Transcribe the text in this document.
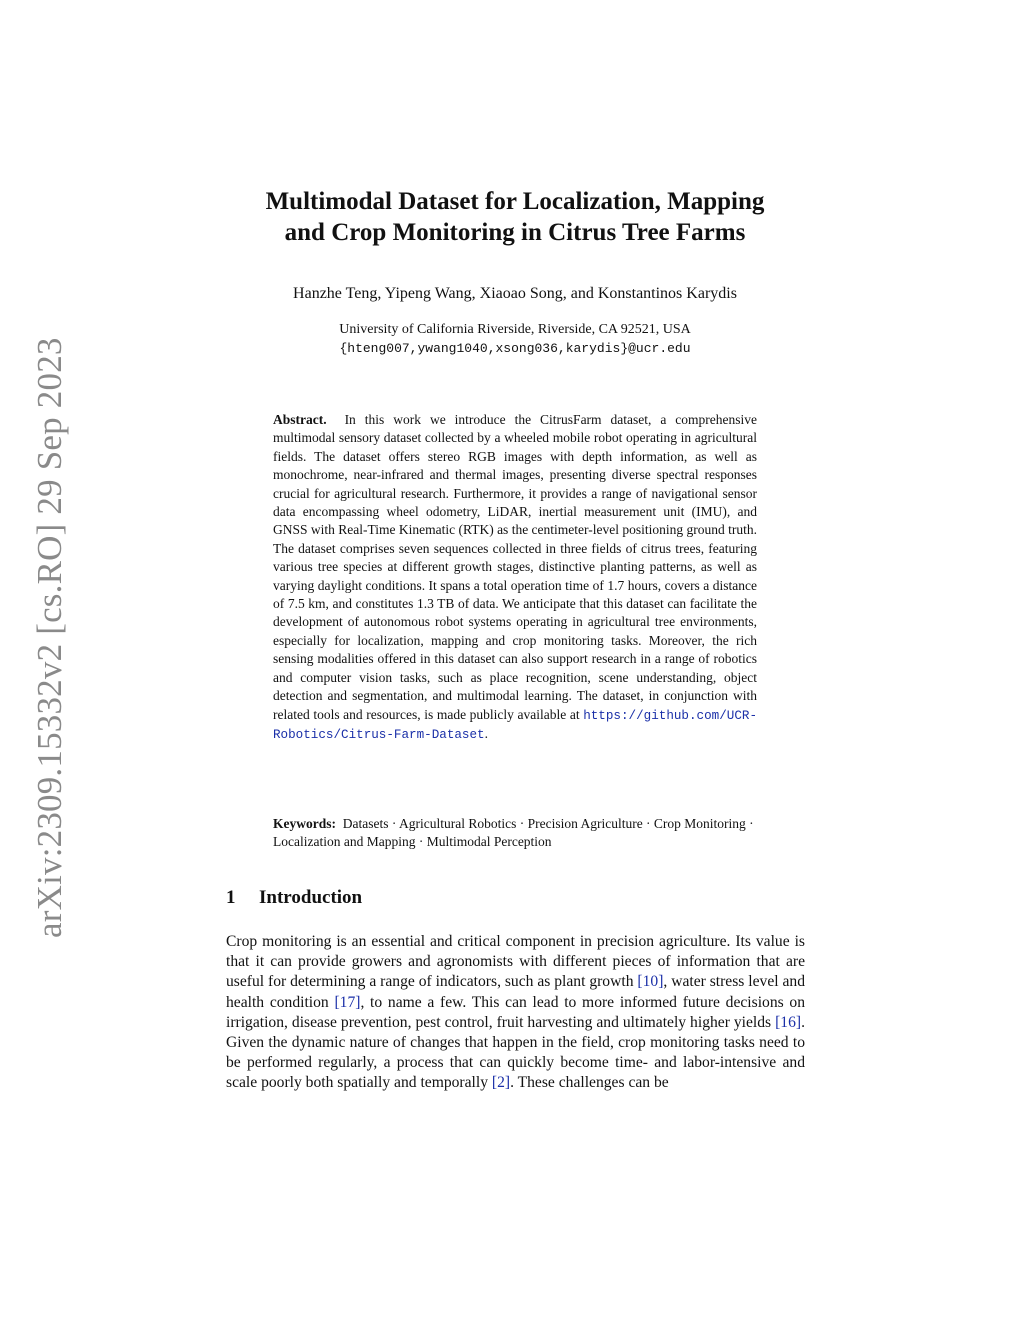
arXiv:2309.15332v2 [cs.RO] 29 Sep 2023
Multimodal Dataset for Localization, Mapping
and Crop Monitoring in Citrus Tree Farms

Hanzhe Teng, Yipeng Wang, Xiaoao Song, and Konstantinos Karydis

University of California Riverside, Riverside, CA 92521, USA
{hteng007,ywang1040,xsong036,karydis}@ucr.edu

Abstract. In this work we introduce the CitrusFarm dataset, a comprehensive multimodal sensory dataset collected by a wheeled mobile robot operating in agricultural fields. The dataset offers stereo RGB images with depth information, as well as monochrome, near-infrared and thermal images, presenting diverse spectral responses crucial for agricultural research. Furthermore, it provides a range of navigational sensor data encompassing wheel odometry, LiDAR, inertial measurement unit (IMU), and GNSS with Real-Time Kinematic (RTK) as the centimeter-level positioning ground truth. The dataset comprises seven sequences collected in three fields of citrus trees, featuring various tree species at different growth stages, distinctive planting patterns, as well as varying daylight conditions. It spans a total operation time of 1.7 hours, covers a distance of 7.5 km, and constitutes 1.3 TB of data. We anticipate that this dataset can facilitate the development of autonomous robot systems operating in agricultural tree environments, especially for localization, mapping and crop monitoring tasks. Moreover, the rich sensing modalities offered in this dataset can also support research in a range of robotics and computer vision tasks, such as place recognition, scene understanding, object detection and segmentation, and multimodal learning. The dataset, in conjunction with related tools and resources, is made publicly available at https://github.com/UCR-Robotics/Citrus-Farm-Dataset.

Keywords: Datasets · Agricultural Robotics · Precision Agriculture · Crop Monitoring · Localization and Mapping · Multimodal Perception

1 Introduction

Crop monitoring is an essential and critical component in precision agriculture. Its value is that it can provide growers and agronomists with different pieces of information that are useful for determining a range of indicators, such as plant growth [10], water stress level and health condition [17], to name a few. This can lead to more informed future decisions on irrigation, disease prevention, pest control, fruit harvesting and ultimately higher yields [16]. Given the dynamic nature of changes that happen in the field, crop monitoring tasks need to be performed regularly, a process that can quickly become time- and labor-intensive and scale poorly both spatially and temporally [2]. These challenges can be
